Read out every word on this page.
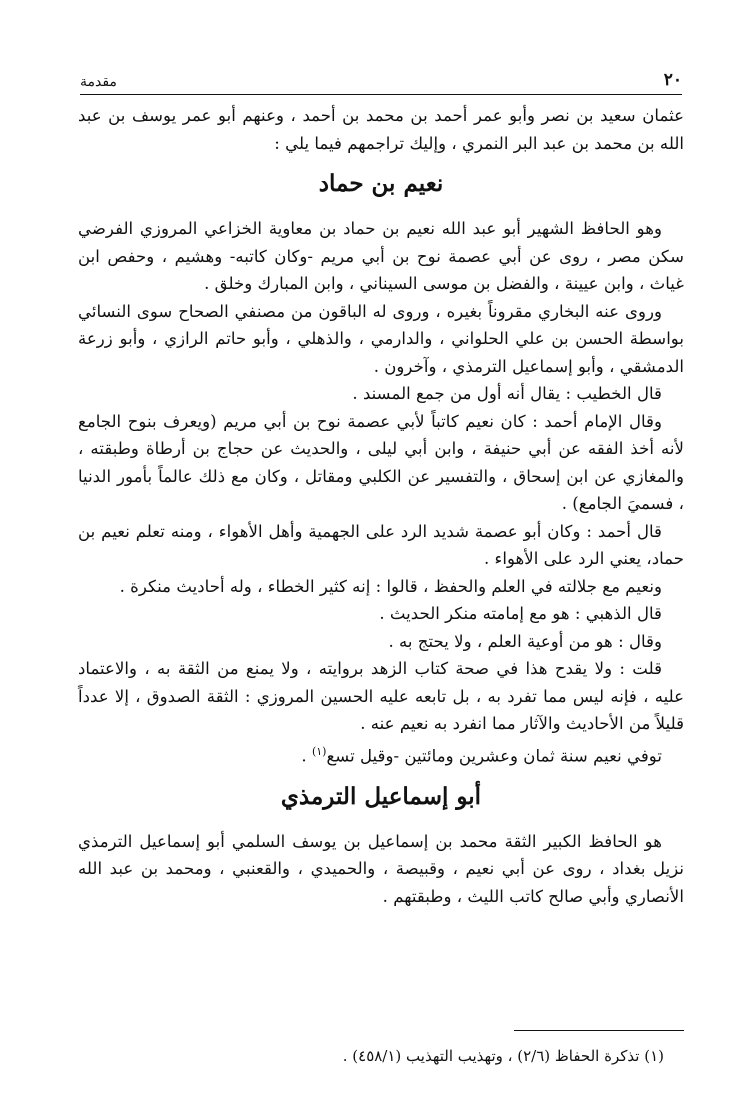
٢٠
مقدمة

عثمان سعيد بن نصر وأبو عمر أحمد بن محمد بن أحمد ، وعنهم أبو عمر يوسف بن عبد الله بن محمد بن عبد البر النمري ، وإليك تراجمهم فيما يلي :

نعيم بن حماد

وهو الحافظ الشهير أبو عبد الله نعيم بن حماد بن معاوية الخزاعي المروزي الفرضي سكن مصر ، روى عن أبي عصمة نوح بن أبي مريم -وكان كاتبه- وهشيم ، وحفص ابن غياث ، وابن عيينة ، والفضل بن موسى السيناني ، وابن المبارك وخلق .

وروى عنه البخاري مقروناً بغيره ، وروى له الباقون من مصنفي الصحاح سوى النسائي بواسطة الحسن بن علي الحلواني ، والدارمي ، والذهلي ، وأبو حاتم الرازي ، وأبو زرعة الدمشقي ، وأبو إسماعيل الترمذي ، وآخرون .

قال الخطيب : يقال أنه أول من جمع المسند .

وقال الإمام أحمد : كان نعيم كاتباً لأبي عصمة نوح بن أبي مريم (ويعرف بنوح الجامع لأنه أخذ الفقه عن أبي حنيفة ، وابن أبي ليلى ، والحديث عن حجاج بن أرطاة وطبقته ، والمغازي عن ابن إسحاق ، والتفسير عن الكلبي ومقاتل ، وكان مع ذلك عالماً بأمور الدنيا ، فسميَ الجامع) .

قال أحمد : وكان أبو عصمة شديد الرد على الجهمية وأهل الأهواء ، ومنه تعلم نعيم بن حماد، يعني الرد على الأهواء .

ونعيم مع جلالته في العلم والحفظ ، قالوا : إنه كثير الخطاء ، وله أحاديث منكرة .

قال الذهبي : هو مع إمامته منكر الحديث .

وقال : هو من أوعية العلم ، ولا يحتج به .

قلت : ولا يقدح هذا في صحة كتاب الزهد بروايته ، ولا يمنع من الثقة به ، والاعتماد عليه ، فإنه ليس مما تفرد به ، بل تابعه عليه الحسين المروزي : الثقة الصدوق ، إلا عدداً قليلاً من الأحاديث والآثار مما انفرد به نعيم عنه .

توفي نعيم سنة ثمان وعشرين ومائتين -وقيل تسع$^{(١)}$ .

أبو إسماعيل الترمذي

هو الحافظ الكبير الثقة محمد بن إسماعيل بن يوسف السلمي أبو إسماعيل الترمذي نزيل بغداد ، روى عن أبي نعيم ، وقبيصة ، والحميدي ، والقعنبي ، ومحمد بن عبد الله الأنصاري وأبي صالح كاتب الليث ، وطبقتهم .

(١) تذكرة الحفاظ (٢/٦) ، وتهذيب التهذيب (٤٥٨/١) .
